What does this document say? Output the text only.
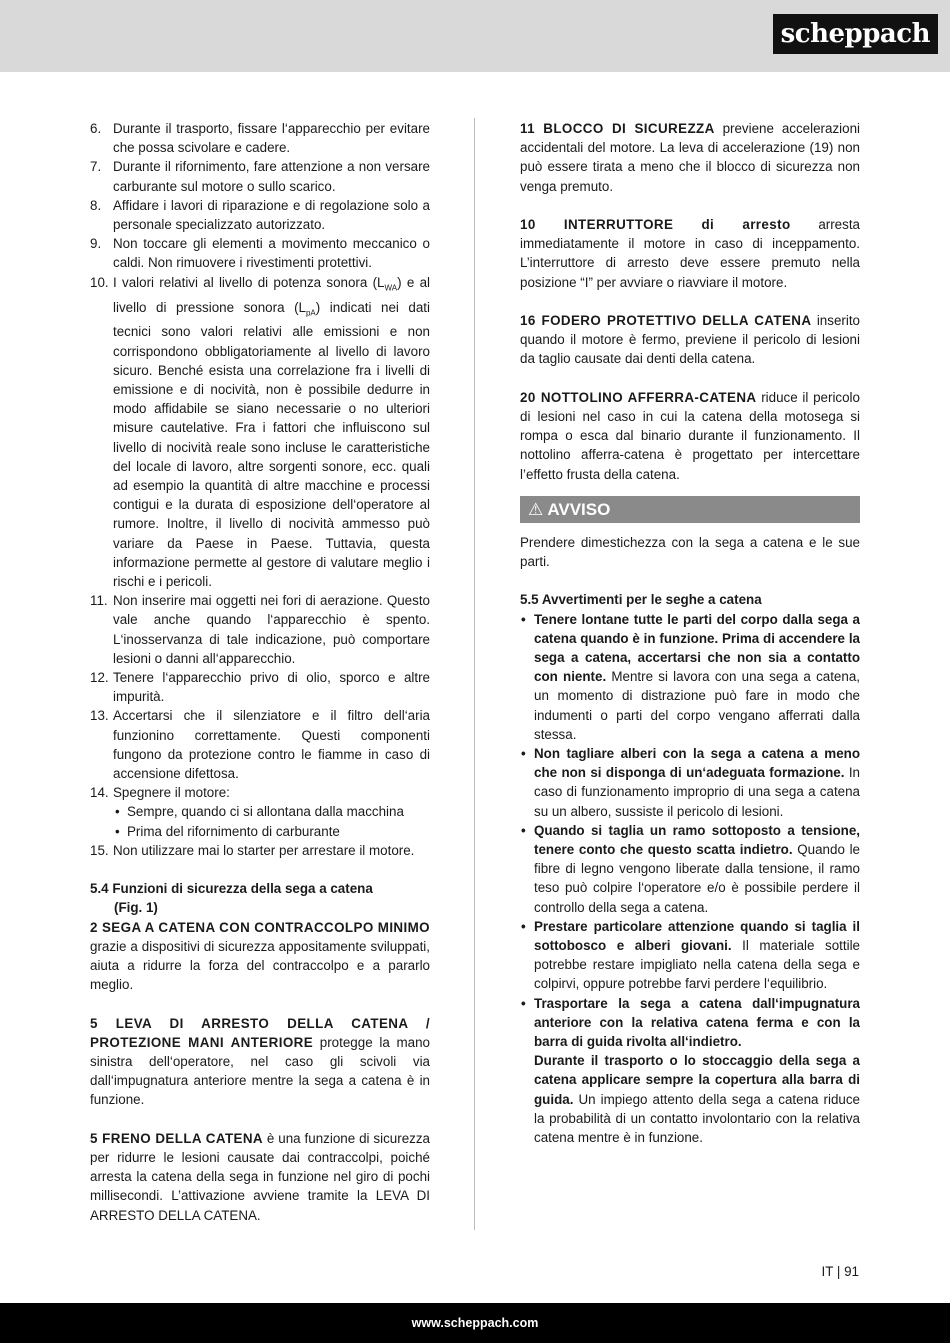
scheppach
6. Durante il trasporto, fissare l‘apparecchio per evitare che possa scivolare e cadere.
7. Durante il rifornimento, fare attenzione a non versare carburante sul motore o sullo scarico.
8. Affidare i lavori di riparazione e di regolazione solo a personale specializzato autorizzato.
9. Non toccare gli elementi a movimento meccanico o caldi. Non rimuovere i rivestimenti protettivi.
10. I valori relativi al livello di potenza sonora $(L_{WA})$ e al livello di pressione sonora $(L_{pA})$ indicati nei dati tecnici sono valori relativi alle emissioni e non corrispondono obbligatoriamente al livello di lavoro sicuro. Benché esista una correlazione fra i livelli di emissione e di nocività, non è possibile dedurre in modo affidabile se siano necessarie o no ulteriori misure cautelative. Fra i fattori che influiscono sul livello di nocività reale sono incluse le caratteristiche del locale di lavoro, altre sorgenti sonore, ecc. quali ad esempio la quantità di altre macchine e processi contigui e la durata di esposizione dell‘operatore al rumore. Inoltre, il livello di nocività ammesso può variare da Paese in Paese. Tuttavia, questa informazione permette al gestore di valutare meglio i rischi e i pericoli.
11. Non inserire mai oggetti nei fori di aerazione. Questo vale anche quando l‘apparecchio è spento. L‘inosservanza di tale indicazione, può comportare lesioni o danni all‘apparecchio.
12. Tenere l‘apparecchio privo di olio, sporco e altre impurità.
13. Accertarsi che il silenziatore e il filtro dell‘aria funzionino correttamente. Questi componenti fungono da protezione contro le fiamme in caso di accensione difettosa.
14. Spegnere il motore:
• Sempre, quando ci si allontana dalla macchina
• Prima del rifornimento di carburante
15. Non utilizzare mai lo starter per arrestare il motore.

5.4 Funzioni di sicurezza della sega a catena
(Fig. 1)

2 SEGA A CATENA CON CONTRACCOLPO MINIMO grazie a dispositivi di sicurezza appositamente sviluppati, aiuta a ridurre la forza del contraccolpo e a pararlo meglio.

5 LEVA DI ARRESTO DELLA CATENA / PROTEZIONE MANI ANTERIORE protegge la mano sinistra dell‘operatore, nel caso gli scivoli via dall‘impugnatura anteriore mentre la sega a catena è in funzione.

5 FRENO DELLA CATENA è una funzione di sicurezza per ridurre le lesioni causate dai contraccolpi, poiché arresta la catena della sega in funzione nel giro di pochi millisecondi. L’attivazione avviene tramite la LEVA DI ARRESTO DELLA CATENA.

11 BLOCCO DI SICUREZZA previene accelerazioni accidentali del motore. La leva di accelerazione (19) non può essere tirata a meno che il blocco di sicurezza non venga premuto.

10 INTERRUTTORE di arresto arresta immediatamente il motore in caso di inceppamento. L’interruttore di arresto deve essere premuto nella posizione “I” per avviare o riavviare il motore.

16 FODERO PROTETTIVO DELLA CATENA inserito quando il motore è fermo, previene il pericolo di lesioni da taglio causate dai denti della catena.

20 NOTTOLINO AFFERRA-CATENA riduce il pericolo di lesioni nel caso in cui la catena della motosega si rompa o esca dal binario durante il funzionamento. Il nottolino afferra-catena è progettato per intercettare l’effetto frusta della catena.

⚠ AVVISO

Prendere dimestichezza con la sega a catena e le sue parti.

5.5 Avvertimenti per le seghe a catena

• Tenere lontane tutte le parti del corpo dalla sega a catena quando è in funzione. Prima di accendere la sega a catena, accertarsi che non sia a contatto con niente. Mentre si lavora con una sega a catena, un momento di distrazione può fare in modo che indumenti o parti del corpo vengano afferrati dalla stessa.
• Non tagliare alberi con la sega a catena a meno che non si disponga di un‘adeguata formazione. In caso di funzionamento improprio di una sega a catena su un albero, sussiste il pericolo di lesioni.
• Quando si taglia un ramo sottoposto a tensione, tenere conto che questo scatta indietro. Quando le fibre di legno vengono liberate dalla tensione, il ramo teso può colpire l‘operatore e/o è possibile perdere il controllo della sega a catena.
• Prestare particolare attenzione quando si taglia il sottobosco e alberi giovani. Il materiale sottile potrebbe restare impigliato nella catena della sega e colpirvi, oppure potrebbe farvi perdere l‘equilibrio.
• Trasportare la sega a catena dall‘impugnatura anteriore con la relativa catena ferma e con la barra di guida rivolta all‘indietro.
Durante il trasporto o lo stoccaggio della sega a catena applicare sempre la copertura alla barra di guida. Un impiego attento della sega a catena riduce la probabilità di un contatto involontario con la relativa catena mentre è in funzione.
IT | 91
www.scheppach.com
